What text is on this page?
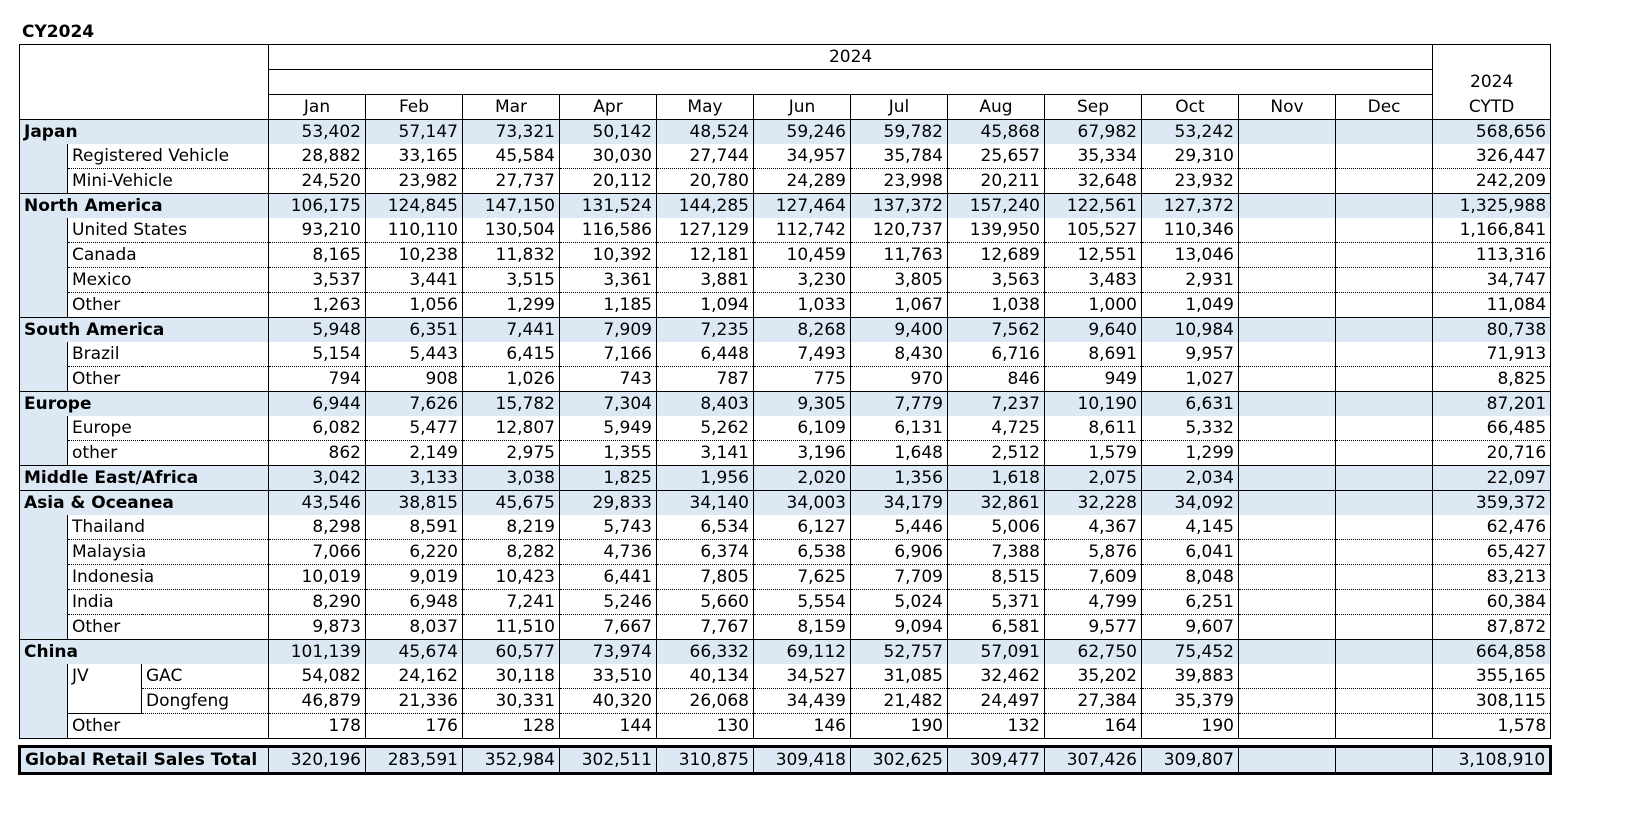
CY2024
			2024												
															2024
			Jan	Feb	Mar	Apr	May	Jun	Jul	Aug	Sep	Oct	Nov	Dec	CYTD
Japan			53,402	57,147	73,321	50,142	48,524	59,246	59,782	45,868	67,982	53,242			568,656
	Registered Vehicle		28,882	33,165	45,584	30,030	27,744	34,957	35,784	25,657	35,334	29,310			326,447
	Mini-Vehicle		24,520	23,982	27,737	20,112	20,780	24,289	23,998	20,211	32,648	23,932			242,209
North America			106,175	124,845	147,150	131,524	144,285	127,464	137,372	157,240	122,561	127,372			1,325,988
	United States		93,210	110,110	130,504	116,586	127,129	112,742	120,737	139,950	105,527	110,346			1,166,841
	Canada		8,165	10,238	11,832	10,392	12,181	10,459	11,763	12,689	12,551	13,046			113,316
	Mexico		3,537	3,441	3,515	3,361	3,881	3,230	3,805	3,563	3,483	2,931			34,747
	Other		1,263	1,056	1,299	1,185	1,094	1,033	1,067	1,038	1,000	1,049			11,084
South America			5,948	6,351	7,441	7,909	7,235	8,268	9,400	7,562	9,640	10,984			80,738
	Brazil		5,154	5,443	6,415	7,166	6,448	7,493	8,430	6,716	8,691	9,957			71,913
	Other		794	908	1,026	743	787	775	970	846	949	1,027			8,825
Europe			6,944	7,626	15,782	7,304	8,403	9,305	7,779	7,237	10,190	6,631			87,201
	Europe		6,082	5,477	12,807	5,949	5,262	6,109	6,131	4,725	8,611	5,332			66,485
	other		862	2,149	2,975	1,355	3,141	3,196	1,648	2,512	1,579	1,299			20,716
Middle East/Africa			3,042	3,133	3,038	1,825	1,956	2,020	1,356	1,618	2,075	2,034			22,097
Asia & Oceanea			43,546	38,815	45,675	29,833	34,140	34,003	34,179	32,861	32,228	34,092			359,372
	Thailand		8,298	8,591	8,219	5,743	6,534	6,127	5,446	5,006	4,367	4,145			62,476
	Malaysia		7,066	6,220	8,282	4,736	6,374	6,538	6,906	7,388	5,876	6,041			65,427
	Indonesia		10,019	9,019	10,423	6,441	7,805	7,625	7,709	8,515	7,609	8,048			83,213
	India		8,290	6,948	7,241	5,246	5,660	5,554	5,024	5,371	4,799	6,251			60,384
	Other		9,873	8,037	11,510	7,667	7,767	8,159	9,094	6,581	9,577	9,607			87,872
China			101,139	45,674	60,577	73,974	66,332	69,112	52,757	57,091	62,750	75,452			664,858
	JV	GAC	54,082	24,162	30,118	33,510	40,134	34,527	31,085	32,462	35,202	39,883			355,165
		Dongfeng	46,879	21,336	30,331	40,320	26,068	34,439	21,482	24,497	27,384	35,379			308,115
	Other		178	176	128	144	130	146	190	132	164	190			1,578

Global Retail Sales Total			320,196	283,591	352,984	302,511	310,875	309,418	302,625	309,477	307,426	309,807			3,108,910
